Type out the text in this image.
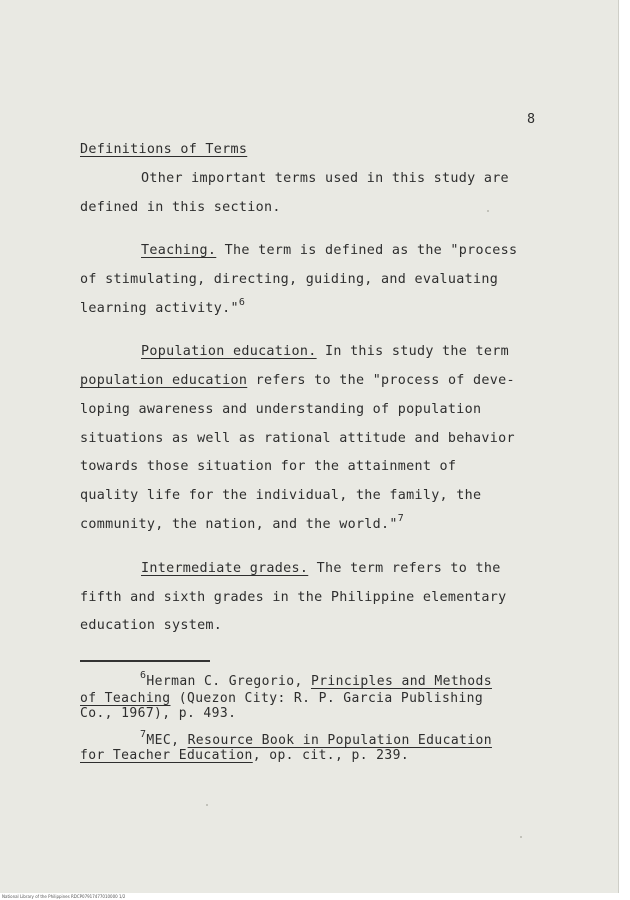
8
Definitions of Terms
Other important terms used in this study are
defined in this section.
Teaching. The term is defined as the "process
of stimulating, directing, guiding, and evaluating
learning activity."$^6$
Population education. In this study the term
population education refers to the "process of deve-
loping awareness and understanding of population
situations as well as rational attitude and behavior
towards those situation for the attainment of
quality life for the individual, the family, the
community, the nation, and the world."$^7$
Intermediate grades. The term refers to the
fifth and sixth grades in the Philippine elementary
education system.
$^6$Herman C. Gregorio, Principles and Methods
of Teaching (Quezon City: R. P. Garcia Publishing
Co., 1967), p. 493.
$^7$MEC, Resource Book in Population Education
for Teacher Education, op. cit., p. 239.
National Library of the Philippines RDCP07917477010000 1/2
